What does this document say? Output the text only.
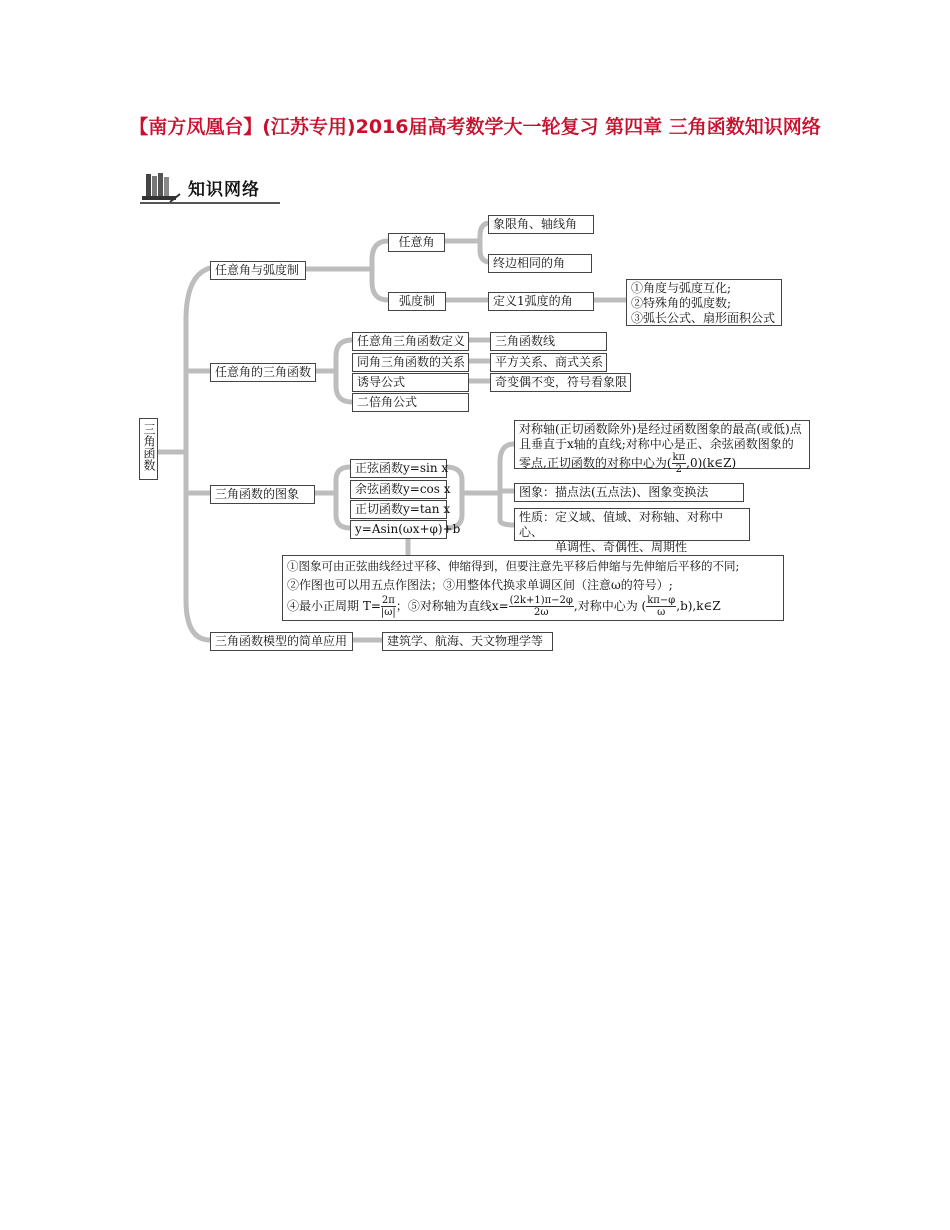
【南方凤凰台】(江苏专用)2016届高考数学大一轮复习 第四章 三角函数知识网络
知识网络
三角函数
任意角与弧度制
任意角
弧度制
象限角、轴线角
终边相同的角
定义1弧度的角
①角度与弧度互化;
②特殊角的弧度数;
③弧长公式、扇形面积公式
任意角的三角函数
任意角三角函数定义
同角三角函数的关系
诱导公式
二倍角公式
三角函数线
平方关系、商式关系
奇变偶不变，符号看象限
三角函数的图象
正弦函数y=sin x
余弦函数y=cos x
正切函数y=tan x
y=Asin(ωx+φ)+b
对称轴(正切函数除外)是经过函数图象的最高(或低)点
且垂直于x轴的直线;对称中心是正、余弦函数图象的
零点,正切函数的对称中心为( $\frac{k\pi}{2}$ ,0)(k∈Z)
图象：描点法(五点法)、图象变换法
性质：定义域、值域、对称轴、对称中心、
单调性、奇偶性、周期性
①图象可由正弦曲线经过平移、伸缩得到，但要注意先平移后伸缩与先伸缩后平移的不同;
②作图也可以用五点作图法；③用整体代换求单调区间（注意ω的符号）;
④最小正周期 $T= \frac{2\pi}{|\omega|}$ ；⑤对称轴为直线$x= \frac{(2k+1)\pi-2\varphi}{2\omega}$ ,对称中心为 ( $\frac{k\pi-\varphi}{\omega}$ ,b),k∈Z
三角函数模型的简单应用	建筑学、航海、天文物理学等
